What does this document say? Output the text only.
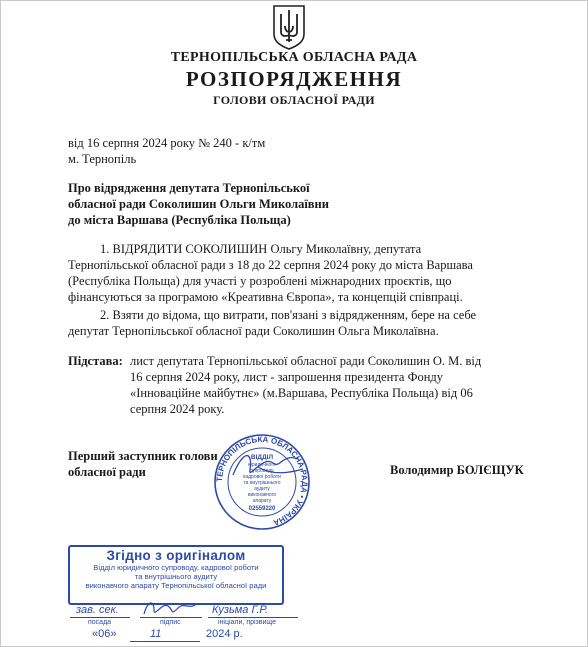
ТЕРНОПІЛЬСЬКА ОБЛАСНА РАДА
РОЗПОРЯДЖЕННЯ
ГОЛОВИ ОБЛАСНОЇ РАДИ
від 16 серпня 2024 року № 240 - к/тм
м. Тернопіль
Про відрядження депутата Тернопільської
обласної ради Соколишин Ольги Миколаївни
до міста Варшава (Республіка Польща)
1. ВІДРЯДИТИ СОКОЛИШИН Ольгу Миколаївну, депутата
Тернопільської обласної ради з 18 до 22 серпня 2024 року до міста Варшава
(Республіка Польща) для участі у розроблені міжнародних проєктів, що
фінансуються за програмою «Креативна Європа», та концепцій співпраці.
2. Взяти до відома, що витрати, пов'язані з відрядженням, бере на себе
депутат Тернопільської обласної ради Соколишин Ольга Миколаївна.
Підстава: лист депутата Тернопільської обласної ради Соколишин О. М. від
16 серпня 2024 року, лист - запрошення президента Фонду
«Інноваційне майбутнє» (м.Варшава, Республіка Польща) від 06
серпня 2024 року.
Перший заступник голови
обласної ради	Володимир БОЛЄЩУК
ТЕРНОПІЛЬСЬКА ОБЛАСНА РАДА • УКРАЇНА
ВІДДІЛ
юридичного
супроводу,
кадрової роботи
та внутрішнього
аудиту
виконавчого
апарату
02559220
Згідно з оригіналом
Відділ юридичного супроводу, кадрової роботи
та внутрішнього аудиту
виконавчого апарату Тернопільської обласної ради
зав. сек.
посада	підпис
Кузьма Г.Р.
ініціали, прізвище
«06»	11	2024 р.
